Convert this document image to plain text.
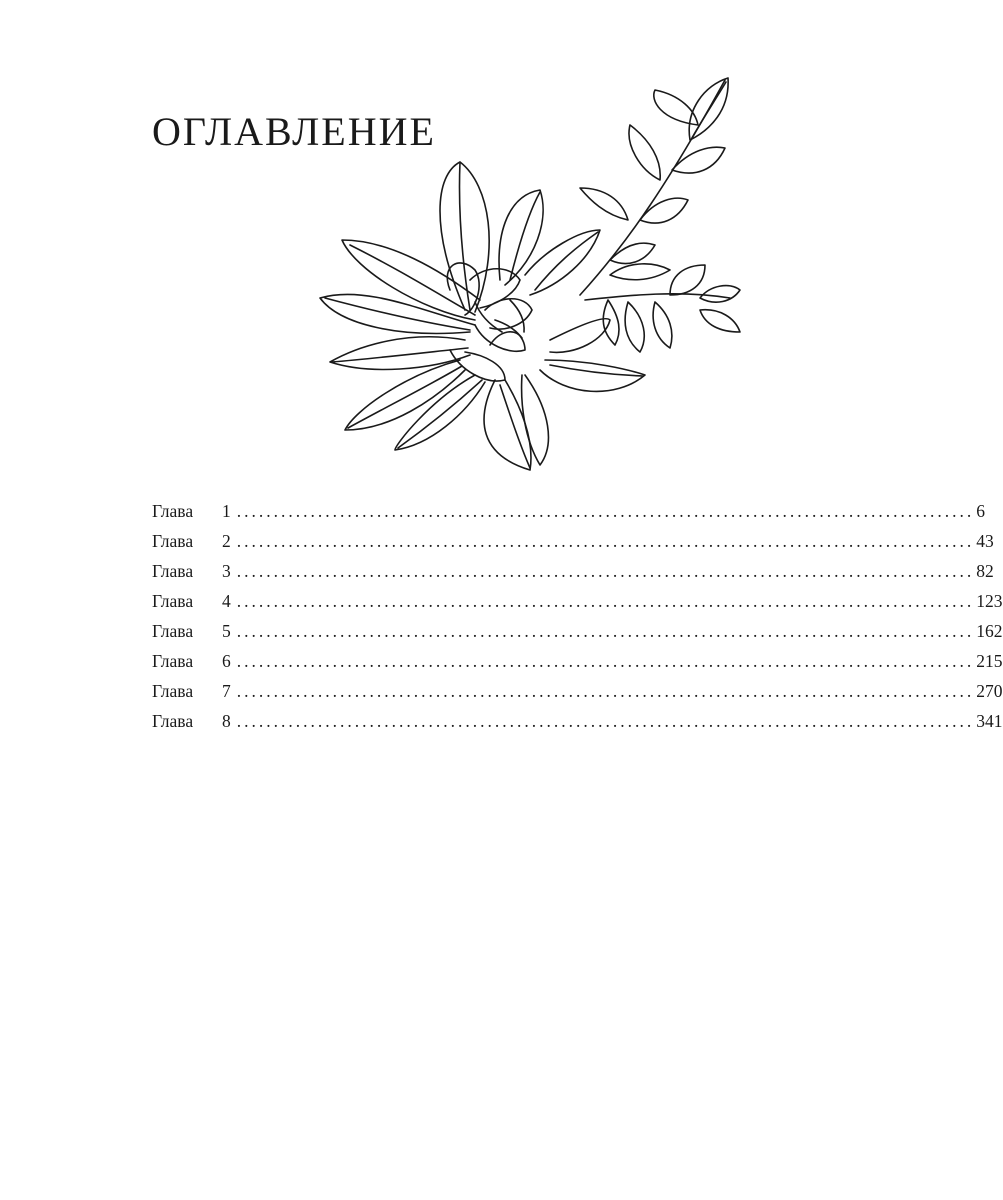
ОГЛАВЛЕНИЕ
Глава	1 .................................................................................................... 6
Глава	2 .................................................................................................... 43
Глава	3 .................................................................................................... 82
Глава	4 .................................................................................................... 123
Глава	5 .................................................................................................... 162
Глава	6 .................................................................................................... 215
Глава	7 .................................................................................................... 270
Глава	8 .................................................................................................... 341
